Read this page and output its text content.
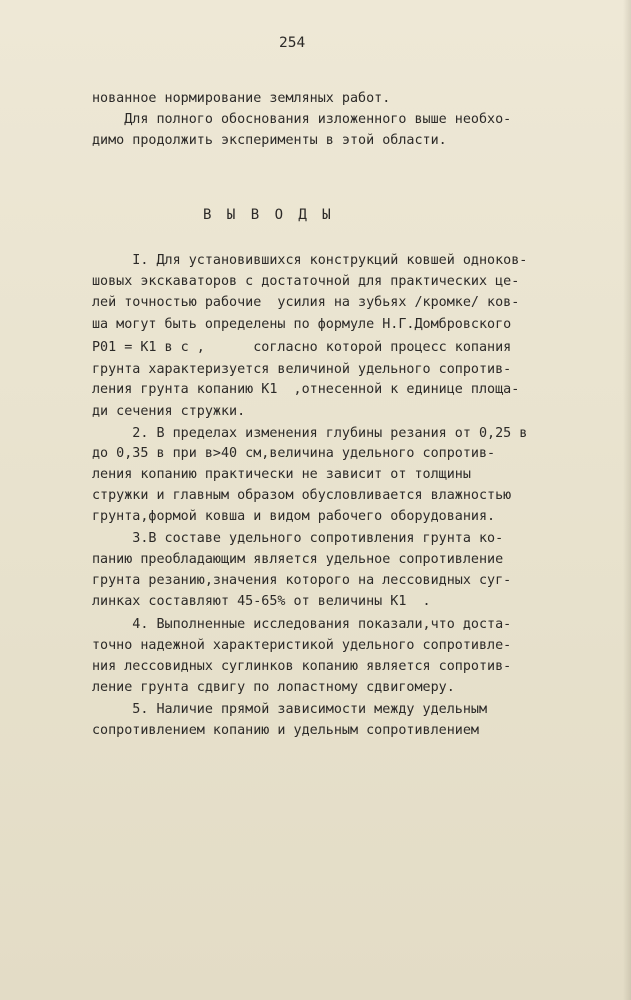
254
нованное нормирование земляных работ.
Для полного обоснования изложенного выше необхо-
димо продолжить эксперименты в этой области.
В Ы В О Д Ы
I. Для установившихся конструкций ковшей одноков-
шовых экскаваторов с достаточной для практических це-
лей точностью рабочие  усилия на зубьях /кромке/ ков-
ша могут быть определены по формуле Н.Г.Домбровского
Р01 = К1 в с ,      согласно которой процесс копания
грунта характеризуется величиной удельного сопротив-
ления грунта копанию К1  ,отнесенной к единице площа-
ди сечения стружки.
2. В пределах изменения глубины резания от 0,25 в
до 0,35 в при в>40 см,величина удельного сопротив-
ления копанию практически не зависит от толщины
стружки и главным образом обусловливается влажностью
грунта,формой ковша и видом рабочего оборудования.
3.В составе удельного сопротивления грунта ко-
панию преобладающим является удельное сопротивление
грунта резанию,значения которого на лессовидных суг-
линках составляют 45-65% от величины К1  .
4. Выполненные исследования показали,что доста-
точно надежной характеристикой удельного сопротивле-
ния лессовидных суглинков копанию является сопротив-
ление грунта сдвигу по лопастному сдвигомеру.
5. Наличие прямой зависимости между удельным
сопротивлением копанию и удельным сопротивлением
